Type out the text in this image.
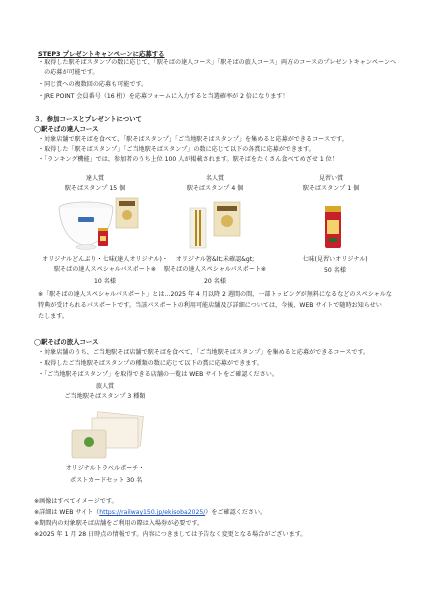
STEP3 プレゼントキャンペーンに応募する
・取得した駅そばスタンプの数に応じて、「駅そばの達人コース」「駅そばの旅人コース」両方のコースのプレゼントキャンペーンへ
　の応募が可能です。
・同じ賞への複数回の応募も可能です。
・JRE POINT 会員番号（16 桁）を応募フォームに入力すると当選確率が 2 倍になります！
３．参加コースとプレゼントについて
◯駅そばの達人コース
・対象店舗で駅そばを食べて、「駅そばスタンプ」「ご当地駅そばスタンプ」を集めると応募ができるコースです。
・取得した「駅そばスタンプ」「ご当地駅そばスタンプ」の数に応じて以下の各賞に応募ができます。
・「ランキング機能」では、参加者のうち上位 100 人が掲載されます。駅そばをたくさん食べてめざせ 1 位！
達人賞
駅そばスタンプ 15 個
名人賞
駅そばスタンプ 4 個
見習い賞
駅そばスタンプ 1 個
オリジナルどんぶり・七味(達人オリジナル)・
駅そばの達人スペシャルパスポート※
10 名様
オリジナル箸&lt;未確認&gt;
駅そばの達人スペシャルパスポート※
20 名様
七味(見習いオリジナル)
50 名様
※「駅そばの達人スペシャルパスポート」とは…2025 年 4 月以降 2 週間の間、一部トッピングが無料になるなどのスペシャルな
特典が受けられるパスポートです。当該パスポートの利用可能店舗及び詳細については、今後、WEB サイトで随時お知らせい
たします。
◯駅そばの旅人コース
・対象店舗のうち、ご当地駅そば店舗で駅そばを食べて、「ご当地駅そばスタンプ」を集めると応募ができるコースです。
・取得したご当地駅そばスタンプの種類の数に応じて以下の賞に応募ができます。
・「ご当地駅そばスタンプ」を取得できる店舗の一覧は WEB サイトをご確認ください。
旅人賞
ご当地駅そばスタンプ 3 種類
オリジナルトラベルポーチ・
ポストカードセット 30 名
※画像はすべてイメージです。
※詳細は WEB サイト（https://railway150.jp/ekisoba2025/）をご確認ください。
※期間内の対象駅そば店舗をご利用の際は入場券が必要です。
※2025 年 1 月 28 日時点の情報です。内容につきましては予告なく変更となる場合がございます。
